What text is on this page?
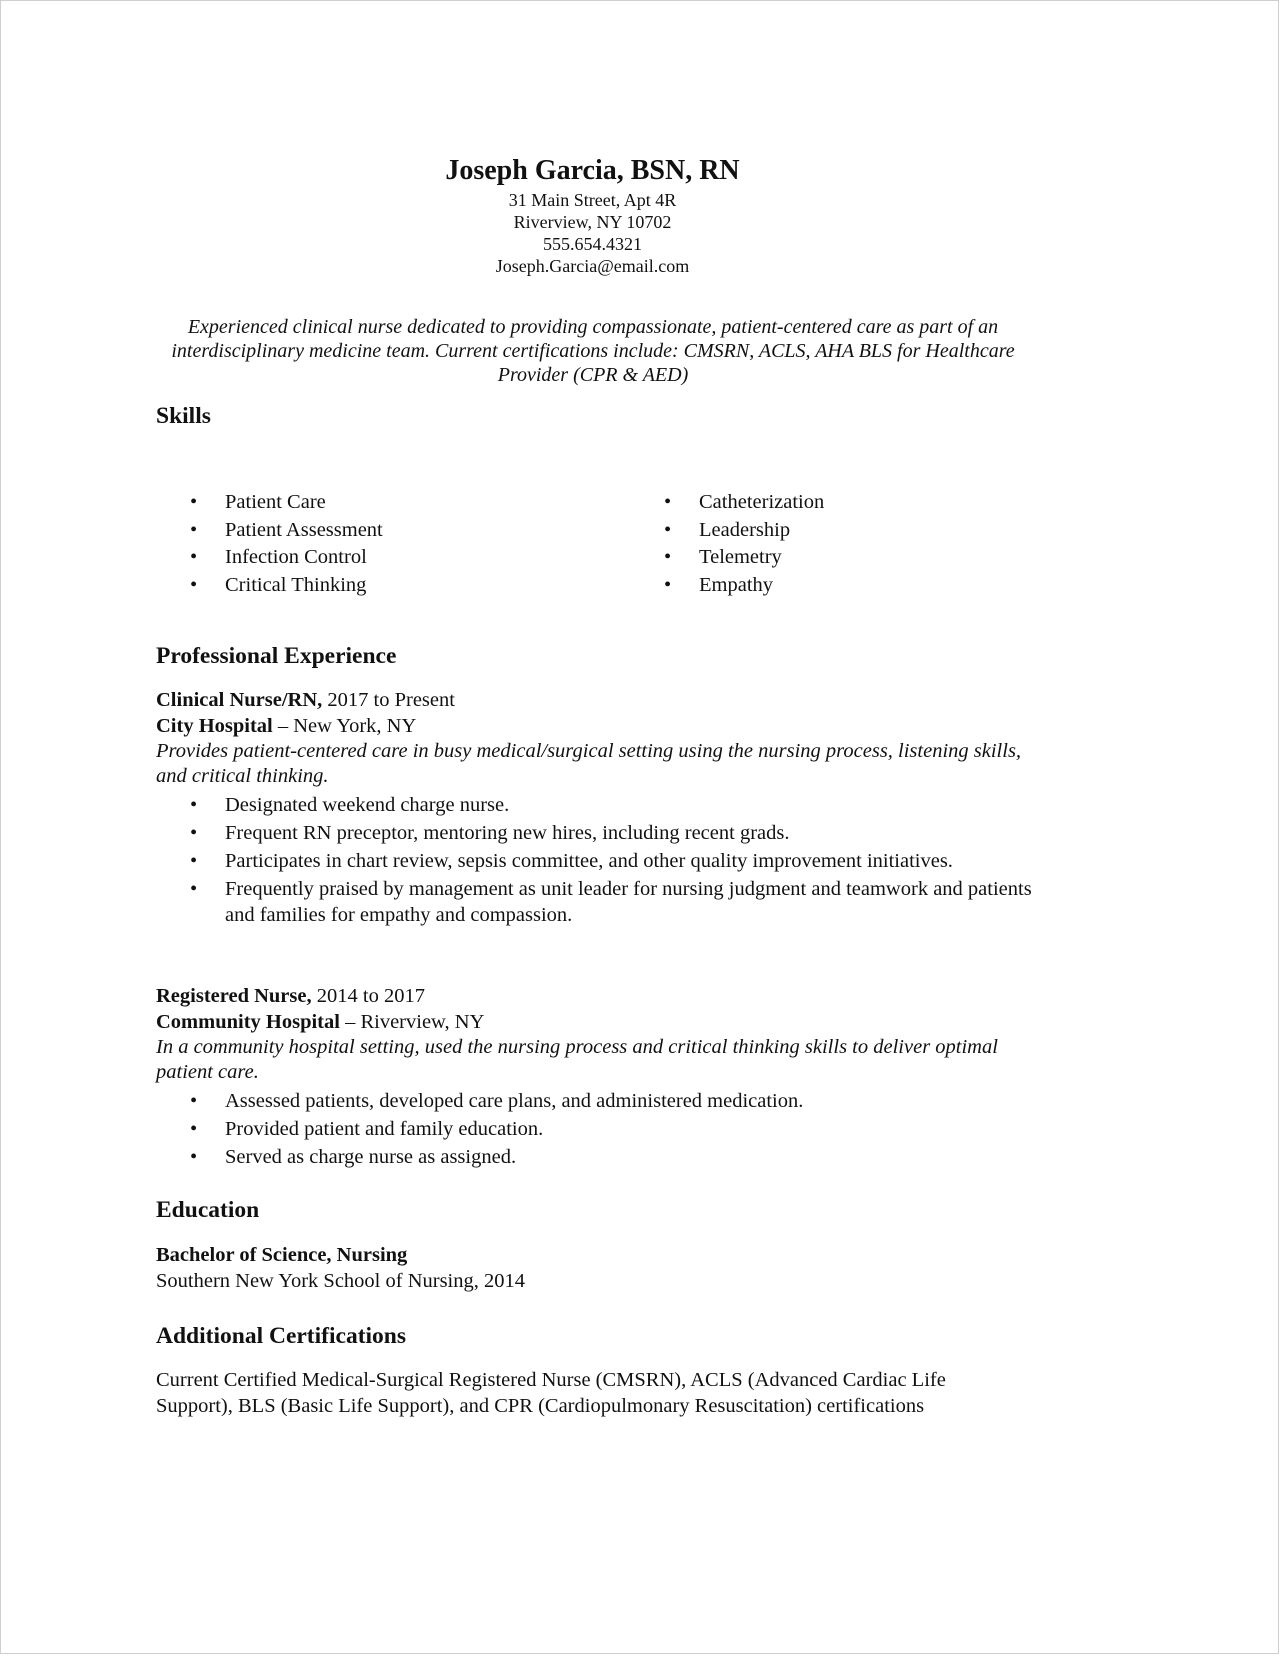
Joseph Garcia, BSN, RN
31 Main Street, Apt 4R
Riverview, NY 10702
555.654.4321
Joseph.Garcia@email.com
Experienced clinical nurse dedicated to providing compassionate, patient-centered care as part of an interdisciplinary medicine team. Current certifications include: CMSRN, ACLS, AHA BLS for Healthcare Provider (CPR & AED)
Skills
• Patient Care
• Patient Assessment
• Infection Control
• Critical Thinking
• Catheterization
• Leadership
• Telemetry
• Empathy
Professional Experience
Clinical Nurse/RN, 2017 to Present
City Hospital – New York, NY
Provides patient-centered care in busy medical/surgical setting using the nursing process, listening skills, and critical thinking.
• Designated weekend charge nurse.
• Frequent RN preceptor, mentoring new hires, including recent grads.
• Participates in chart review, sepsis committee, and other quality improvement initiatives.
• Frequently praised by management as unit leader for nursing judgment and teamwork and patients and families for empathy and compassion.
Registered Nurse, 2014 to 2017
Community Hospital – Riverview, NY
In a community hospital setting, used the nursing process and critical thinking skills to deliver optimal patient care.
• Assessed patients, developed care plans, and administered medication.
• Provided patient and family education.
• Served as charge nurse as assigned.
Education
Bachelor of Science, Nursing
Southern New York School of Nursing, 2014
Additional Certifications
Current Certified Medical-Surgical Registered Nurse (CMSRN), ACLS (Advanced Cardiac Life Support), BLS (Basic Life Support), and CPR (Cardiopulmonary Resuscitation) certifications
